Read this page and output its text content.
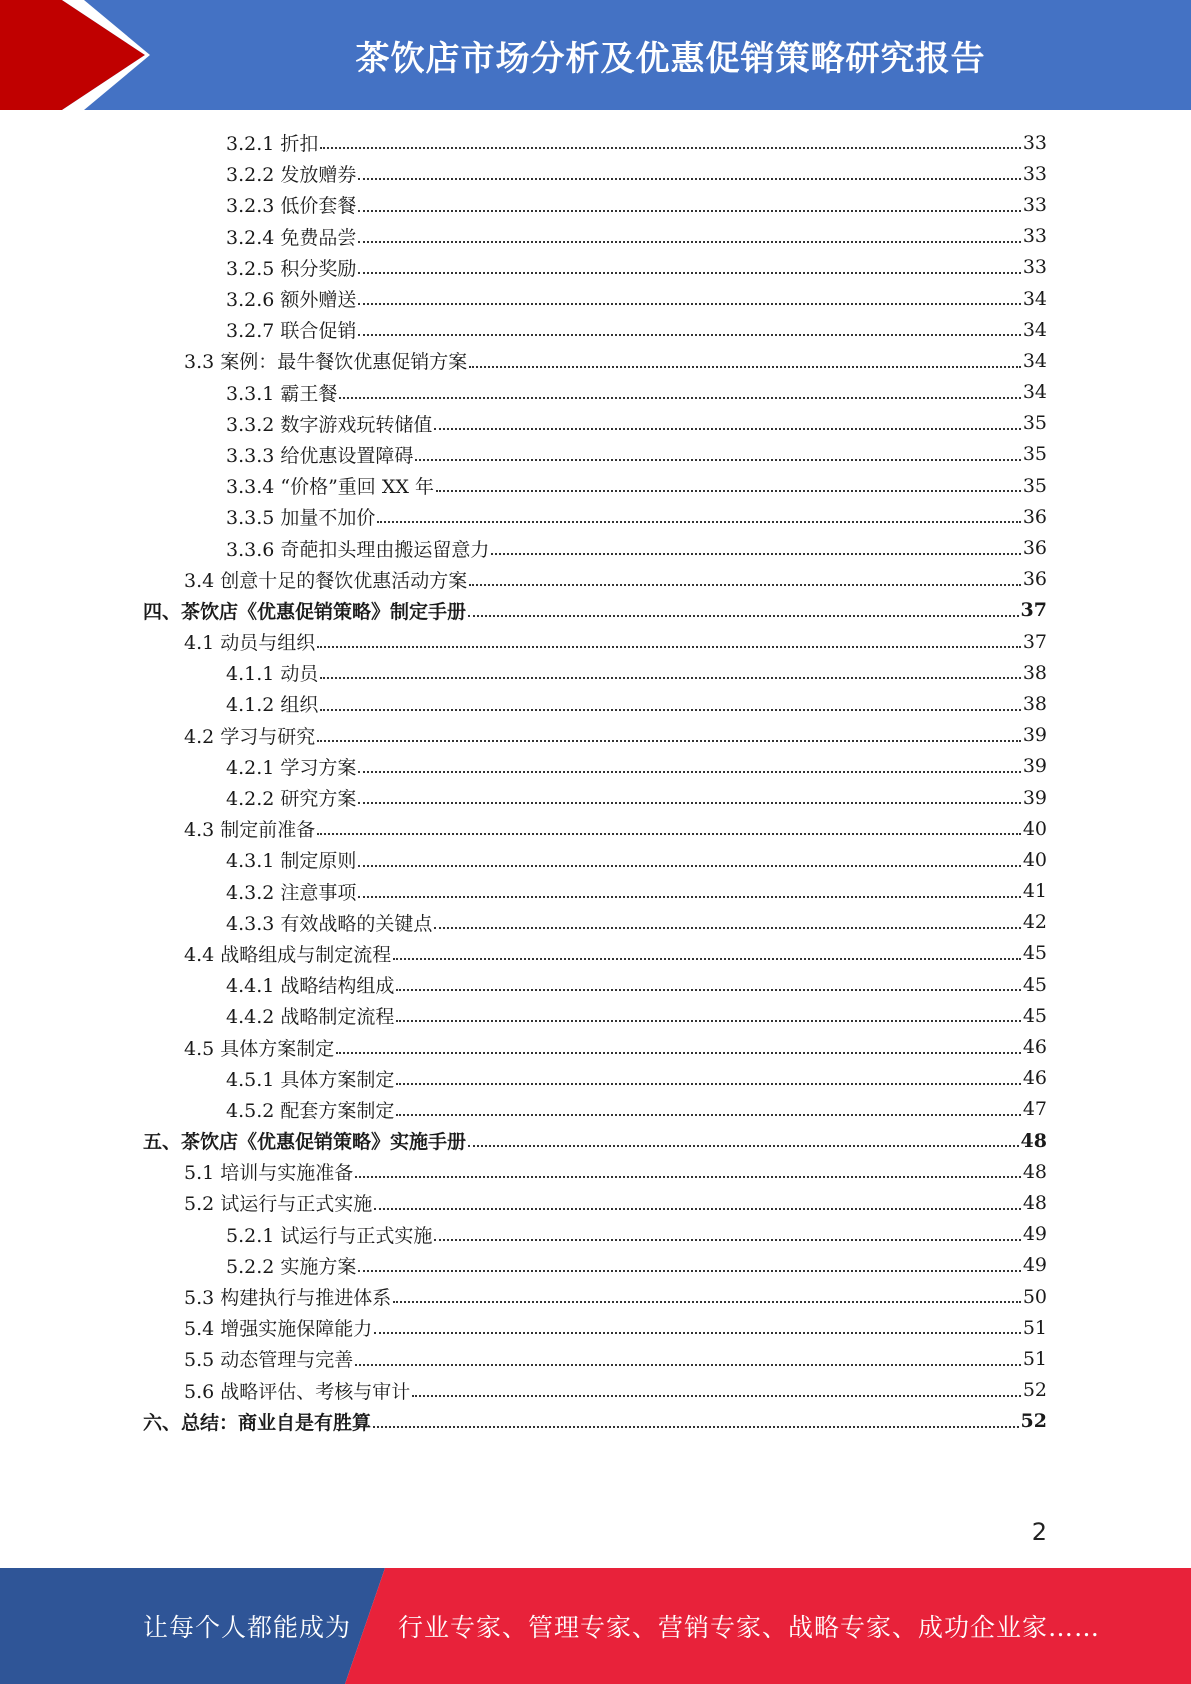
茶饮店市场分析及优惠促销策略研究报告
3.2.1 折扣	33
3.2.2 发放赠券	33
3.2.3 低价套餐	33
3.2.4 免费品尝	33
3.2.5 积分奖励	33
3.2.6 额外赠送	34
3.2.7 联合促销	34
3.3 案例：最牛餐饮优惠促销方案	34
3.3.1 霸王餐	34
3.3.2 数字游戏玩转储值	35
3.3.3 给优惠设置障碍	35
3.3.4 “价格”重回 XX 年	35
3.3.5 加量不加价	36
3.3.6 奇葩扣头理由搬运留意力	36
3.4 创意十足的餐饮优惠活动方案	36
四、茶饮店《优惠促销策略》制定手册	37
4.1 动员与组织	37
4.1.1 动员	38
4.1.2 组织	38
4.2 学习与研究	39
4.2.1 学习方案	39
4.2.2 研究方案	39
4.3 制定前准备	40
4.3.1 制定原则	40
4.3.2 注意事项	41
4.3.3 有效战略的关键点	42
4.4 战略组成与制定流程	45
4.4.1 战略结构组成	45
4.4.2 战略制定流程	45
4.5 具体方案制定	46
4.5.1 具体方案制定	46
4.5.2 配套方案制定	47
五、茶饮店《优惠促销策略》实施手册	48
5.1 培训与实施准备	48
5.2 试运行与正式实施	48
5.2.1 试运行与正式实施	49
5.2.2 实施方案	49
5.3 构建执行与推进体系	50
5.4 增强实施保障能力	51
5.5 动态管理与完善	51
5.6 战略评估、考核与审计	52
六、总结：商业自是有胜算	52
2
让每个人都能成为 行业专家、管理专家、营销专家、战略专家、成功企业家……
